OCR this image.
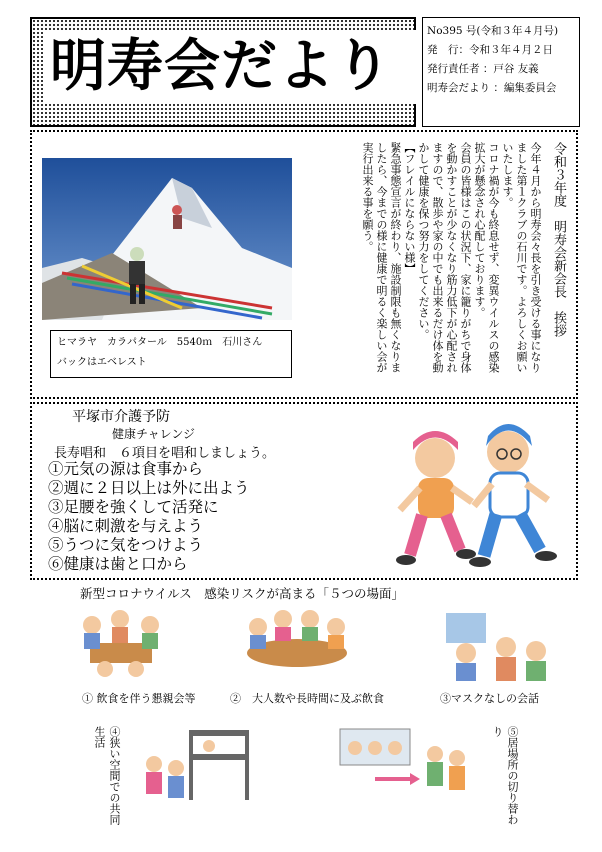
明寿会だより
No395 号(令和３年４月号)
発　行：令和３年４月２日
発行責任者 ：戸谷 友義
明寿会だより ：編集委員会
ヒマラヤ　カラパタール　5540ｍ　石川さん
バックはエベレスト

令和３年度　明寿会新会長　挨拶

今年４月から明寿会々長を引き受ける事になりました第１クラブの石川です。よろしくお願いいたします。

コロナ禍が今も終息せず、変異ウイルスの感染拡大が懸念され心配しております。

会員の皆様はこの状況下、家に籠りがちで身体を動かすことが少なくなり筋力低下が心配されますので、散歩や家の中でも出来るだけ体を動かして健康を保つ努力をしてください。

【フレイルにならない様】

緊急事態宣言が終わり、施設制限も無くなりましたら、今までの様に健康で明るく楽しい会が実行出来る事を願う。

平塚市介護予防
健康チャレンジ
長寿唱和　６項目を唱和しましょう。
①元気の源は食事から
②週に２日以上は外に出よう
③足腰を強くして活発に
④脳に刺激を与えよう
⑤うつに気をつけよう
⑥健康は歯と口から
新型コロナウイルス　感染リスクが高まる「５つの場面」
① 飲食を伴う懇親会等	②　大人数や長時間に及ぶ飲食	③マスクなしの会話
④狭い空間での共同生活	⑤居場所の切り替わり
